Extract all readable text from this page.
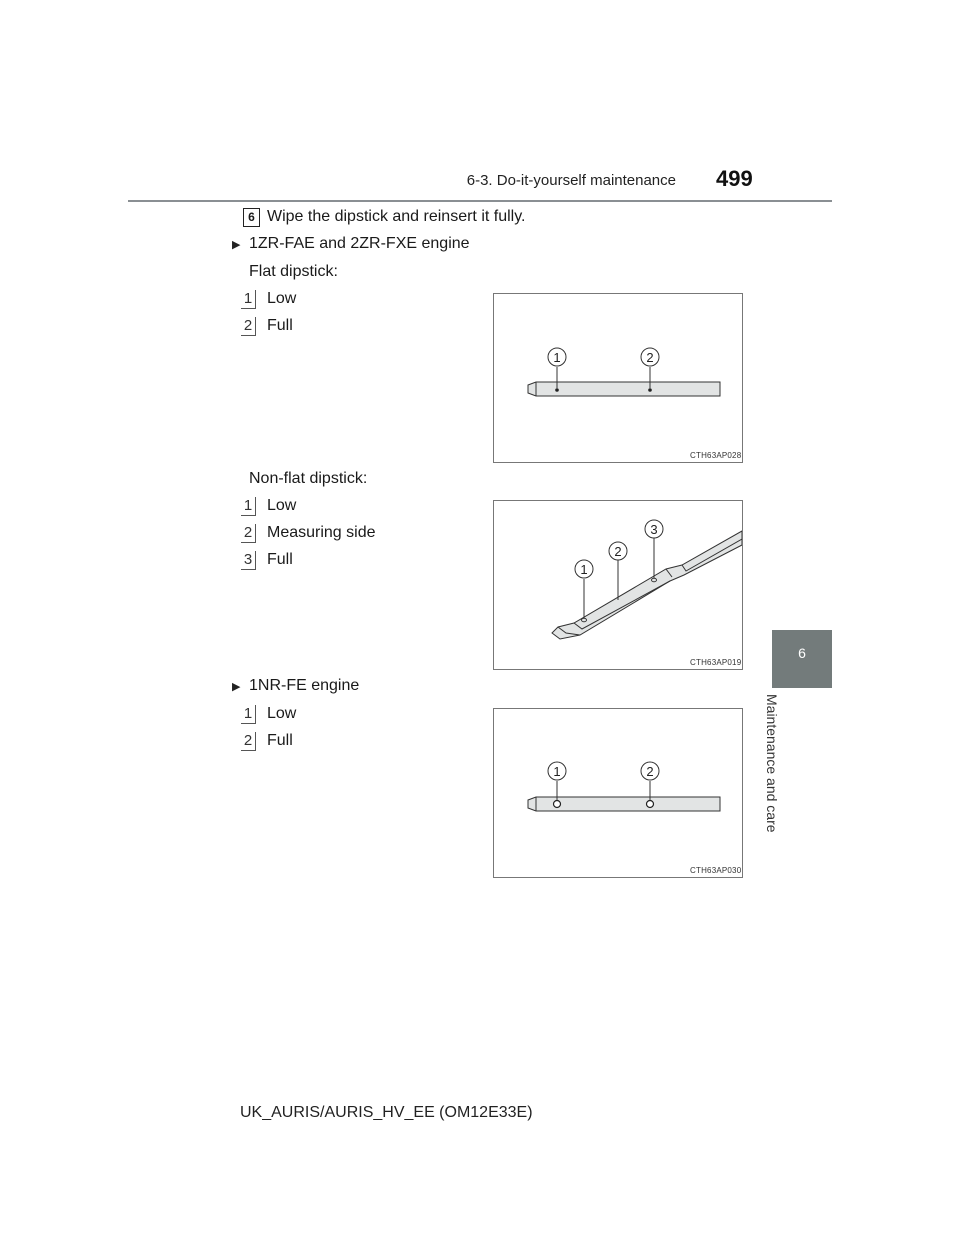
6-3. Do-it-yourself maintenance 499
6
Maintenance and care
6 Wipe the dipstick and reinsert it fully.
▶ 1ZR-FAE and 2ZR-FXE engine
Flat dipstick:
1 Low
2 Full
1	2
CTH63AP028
Non-flat dipstick:
1 Low
2 Measuring side
3 Full
1
2
3
CTH63AP019
▶ 1NR-FE engine
1 Low
2 Full
1	2
CTH63AP030
UK_AURIS/AURIS_HV_EE (OM12E33E)
